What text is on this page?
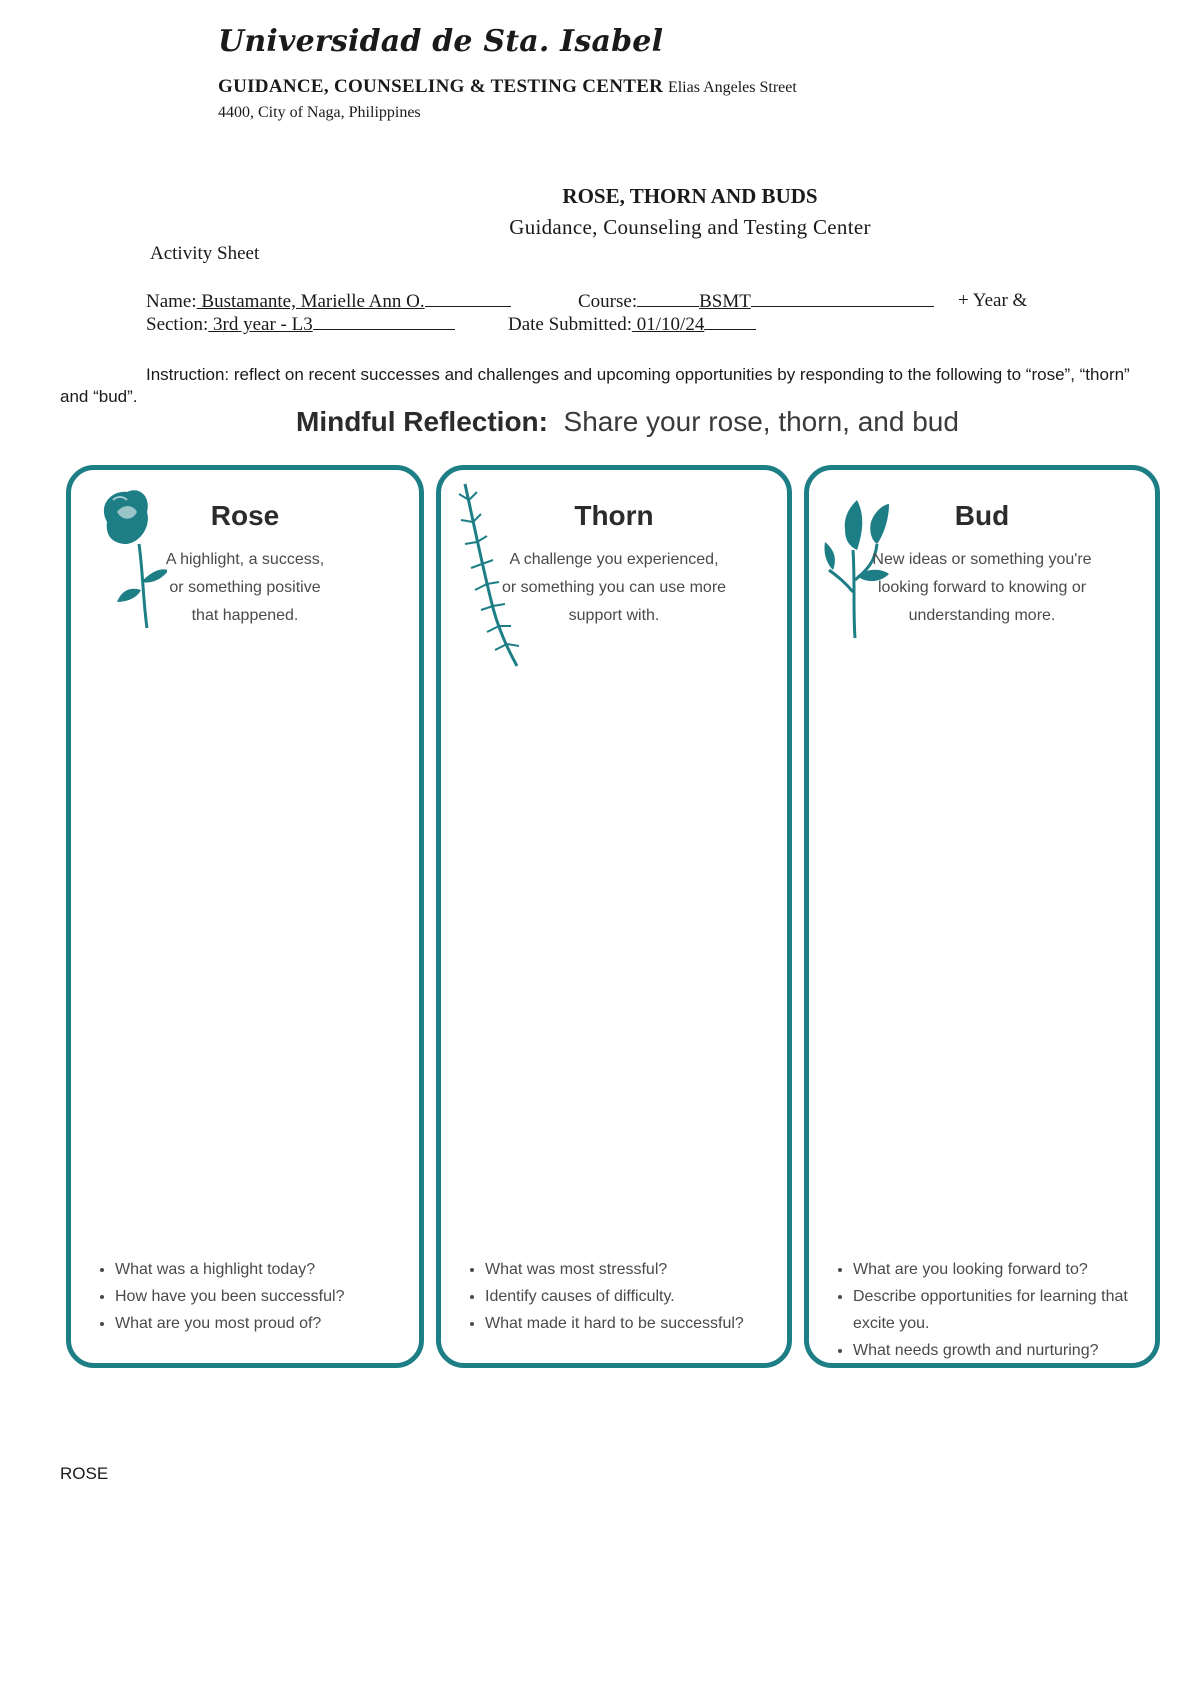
Universidad de Sta. Isabel
GUIDANCE, COUNSELING & TESTING CENTER Elias Angeles Street
4400, City of Naga, Philippines
ROSE, THORN AND BUDS
Guidance, Counseling and Testing Center
Activity Sheet
Name: Bustamante, Marielle Ann O.	Course:	BSMT	+ Year &
Section: 3rd year - L3	Date Submitted: 01/10/24
Instruction: reflect on recent successes and challenges and upcoming opportunities by responding to the following to “rose”, “thorn” and “bud”.
Mindful Reflection: Share your rose, thorn, and bud
Rose
A highlight, a success,
or something positive
that happened.
• What was a highlight today?
• How have you been successful?
• What are you most proud of?
Thorn
A challenge you experienced,
or something you can use more
support with.
• What was most stressful?
• Identify causes of difficulty.
• What made it hard to be successful?
Bud
New ideas or something you're
looking forward to knowing or
understanding more.
• What are you looking forward to?
• Describe opportunities for learning that excite you.
• What needs growth and nurturing?
ROSE
